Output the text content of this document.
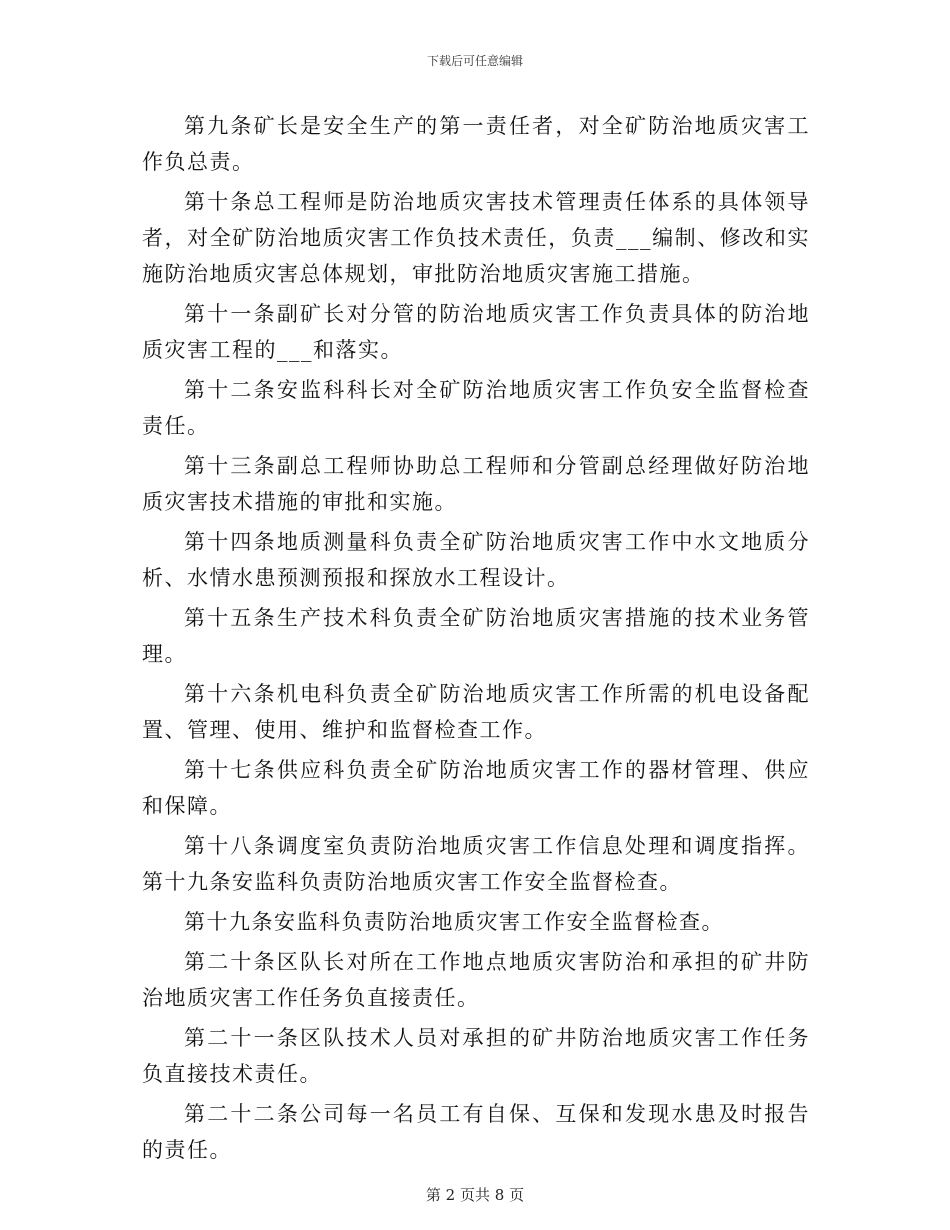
下载后可任意编辑

第九条矿长是安全生产的第一责任者，对全矿防治地质灾害工作负总责。

第十条总工程师是防治地质灾害技术管理责任体系的具体领导者，对全矿防治地质灾害工作负技术责任，负责___编制、修改和实施防治地质灾害总体规划，审批防治地质灾害施工措施。

第十一条副矿长对分管的防治地质灾害工作负责具体的防治地质灾害工程的___和落实。

第十二条安监科科长对全矿防治地质灾害工作负安全监督检查责任。

第十三条副总工程师协助总工程师和分管副总经理做好防治地质灾害技术措施的审批和实施。

第十四条地质测量科负责全矿防治地质灾害工作中水文地质分析、水情水患预测预报和探放水工程设计。

第十五条生产技术科负责全矿防治地质灾害措施的技术业务管理。

第十六条机电科负责全矿防治地质灾害工作所需的机电设备配置、管理、使用、维护和监督检查工作。

第十七条供应科负责全矿防治地质灾害工作的器材管理、供应和保障。

第十八条调度室负责防治地质灾害工作信息处理和调度指挥。第十九条安监科负责防治地质灾害工作安全监督检查。

第十九条安监科负责防治地质灾害工作安全监督检查。

第二十条区队长对所在工作地点地质灾害防治和承担的矿井防治地质灾害工作任务负直接责任。

第二十一条区队技术人员对承担的矿井防治地质灾害工作任务负直接技术责任。

第二十二条公司每一名员工有自保、互保和发现水患及时报告的责任。

第 2 页共 8 页
